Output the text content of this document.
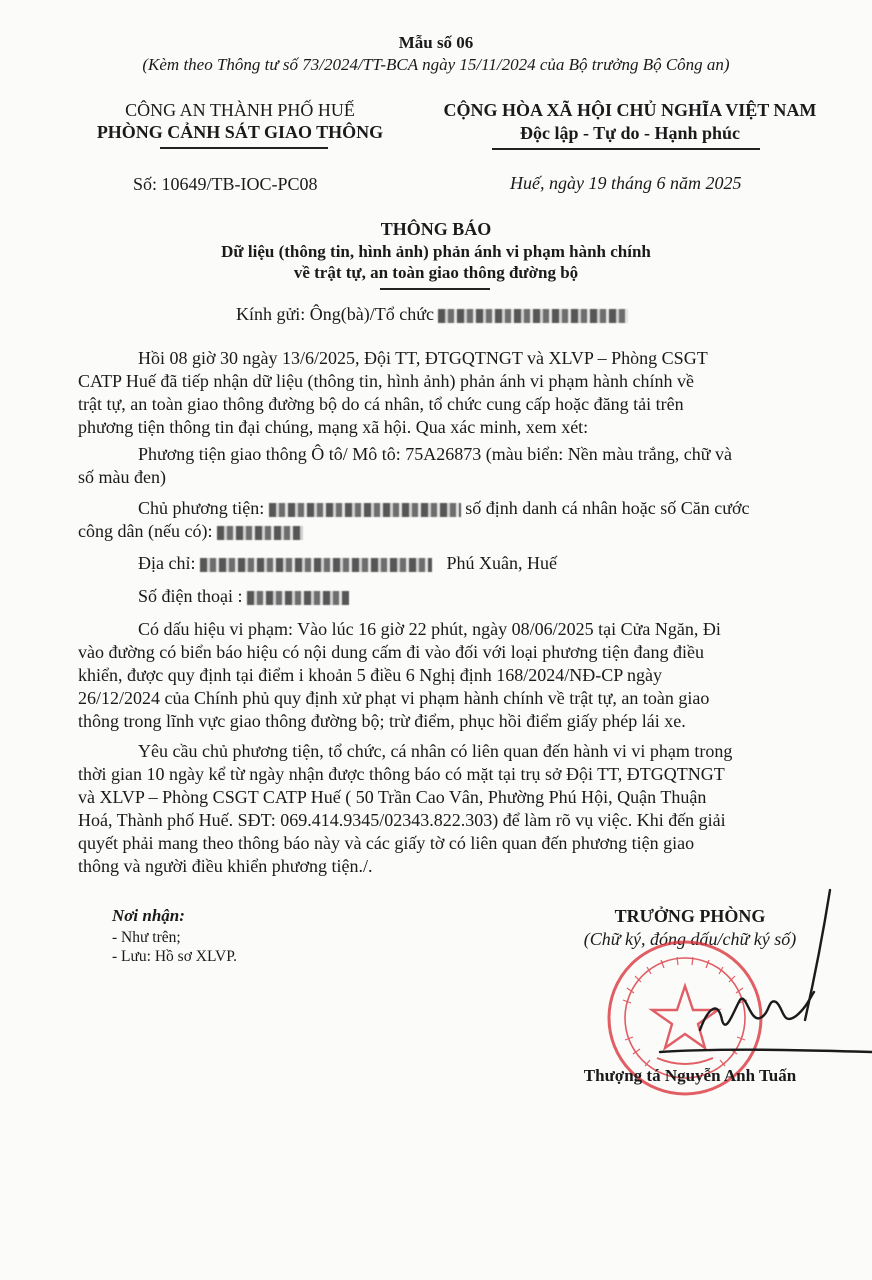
Mẫu số 06
(Kèm theo Thông tư số 73/2024/TT-BCA ngày 15/11/2024 của Bộ trưởng Bộ Công an)
CÔNG AN THÀNH PHỐ HUẾ
PHÒNG CẢNH SÁT GIAO THÔNG
CỘNG HÒA XÃ HỘI CHỦ NGHĨA VIỆT NAM
Độc lập - Tự do - Hạnh phúc
Số: 10649/TB-IOC-PC08	Huế, ngày 19 tháng 6 năm 2025
THÔNG BÁO
Dữ liệu (thông tin, hình ảnh) phản ánh vi phạm hành chính
về trật tự, an toàn giao thông đường bộ
Kính gửi: Ông(bà)/Tổ chức
Hồi 08 giờ 30 ngày 13/6/2025, Đội TT, ĐTGQTNGT và XLVP – Phòng CSGT
CATP Huế đã tiếp nhận dữ liệu (thông tin, hình ảnh) phản ánh vi phạm hành chính về
trật tự, an toàn giao thông đường bộ do cá nhân, tổ chức cung cấp hoặc đăng tải trên
phương tiện thông tin đại chúng, mạng xã hội. Qua xác minh, xem xét:
Phương tiện giao thông Ô tô/ Mô tô: 75A26873 (màu biển: Nền màu trắng, chữ và
số màu đen)
Chủ phương tiện:	số định danh cá nhân hoặc số Căn cước
công dân (nếu có):
Địa chỉ:	Phú Xuân, Huế
Số điện thoại :
Có dấu hiệu vi phạm: Vào lúc 16 giờ 22 phút, ngày 08/06/2025 tại Cửa Ngăn, Đi
vào đường có biển báo hiệu có nội dung cấm đi vào đối với loại phương tiện đang điều
khiển, được quy định tại điểm i khoản 5 điều 6 Nghị định 168/2024/NĐ-CP ngày
26/12/2024 của Chính phủ quy định xử phạt vi phạm hành chính về trật tự, an toàn giao
thông trong lĩnh vực giao thông đường bộ; trừ điểm, phục hồi điểm giấy phép lái xe.
Yêu cầu chủ phương tiện, tổ chức, cá nhân có liên quan đến hành vi vi phạm trong
thời gian 10 ngày kể từ ngày nhận được thông báo có mặt tại trụ sở Đội TT, ĐTGQTNGT
và XLVP – Phòng CSGT CATP Huế ( 50 Trần Cao Vân, Phường Phú Hội, Quận Thuận
Hoá, Thành phố Huế. SĐT: 069.414.9345/02343.822.303) để làm rõ vụ việc. Khi đến giải
quyết phải mang theo thông báo này và các giấy tờ có liên quan đến phương tiện giao
thông và người điều khiển phương tiện./.
Nơi nhận:
- Như trên;
- Lưu: Hồ sơ XLVP.
TRƯỞNG PHÒNG
(Chữ ký, đóng dấu/chữ ký số)
Thượng tá Nguyễn Anh Tuấn
